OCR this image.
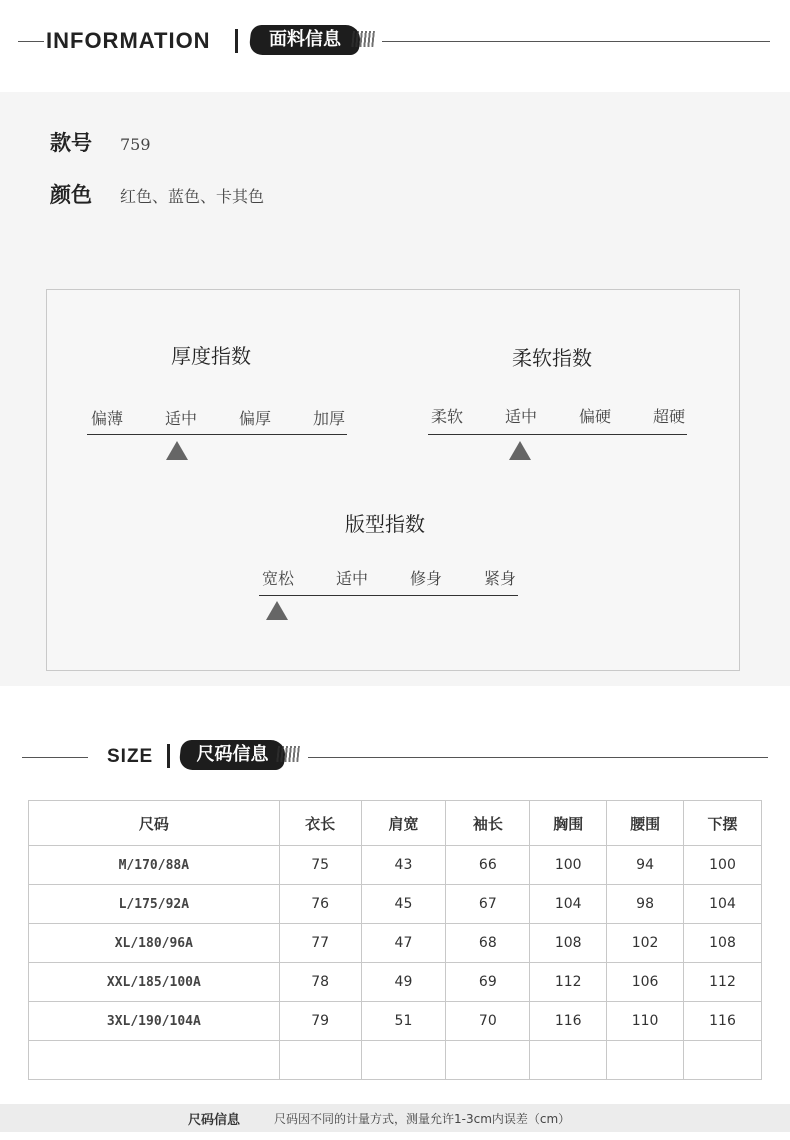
INFORMATION	面料信息
款号	759
颜色	红色、蓝色、卡其色
厚度指数
偏薄	适中	偏厚	加厚
柔软指数
柔软	适中	偏硬	超硬
版型指数
宽松	适中	修身	紧身
SIZE	尺码信息
尺码	衣长	肩宽	袖长	胸围	腰围	下摆
M/170/88A	75	43	66	100	94	100
L/175/92A	76	45	67	104	98	104
XL/180/96A	77	47	68	108	102	108
XXL/185/100A	78	49	69	112	106	112
3XL/190/104A	79	51	70	116	110	116

尺码信息	尺码因不同的计量方式，测量允许1-3cm内误差（cm）
